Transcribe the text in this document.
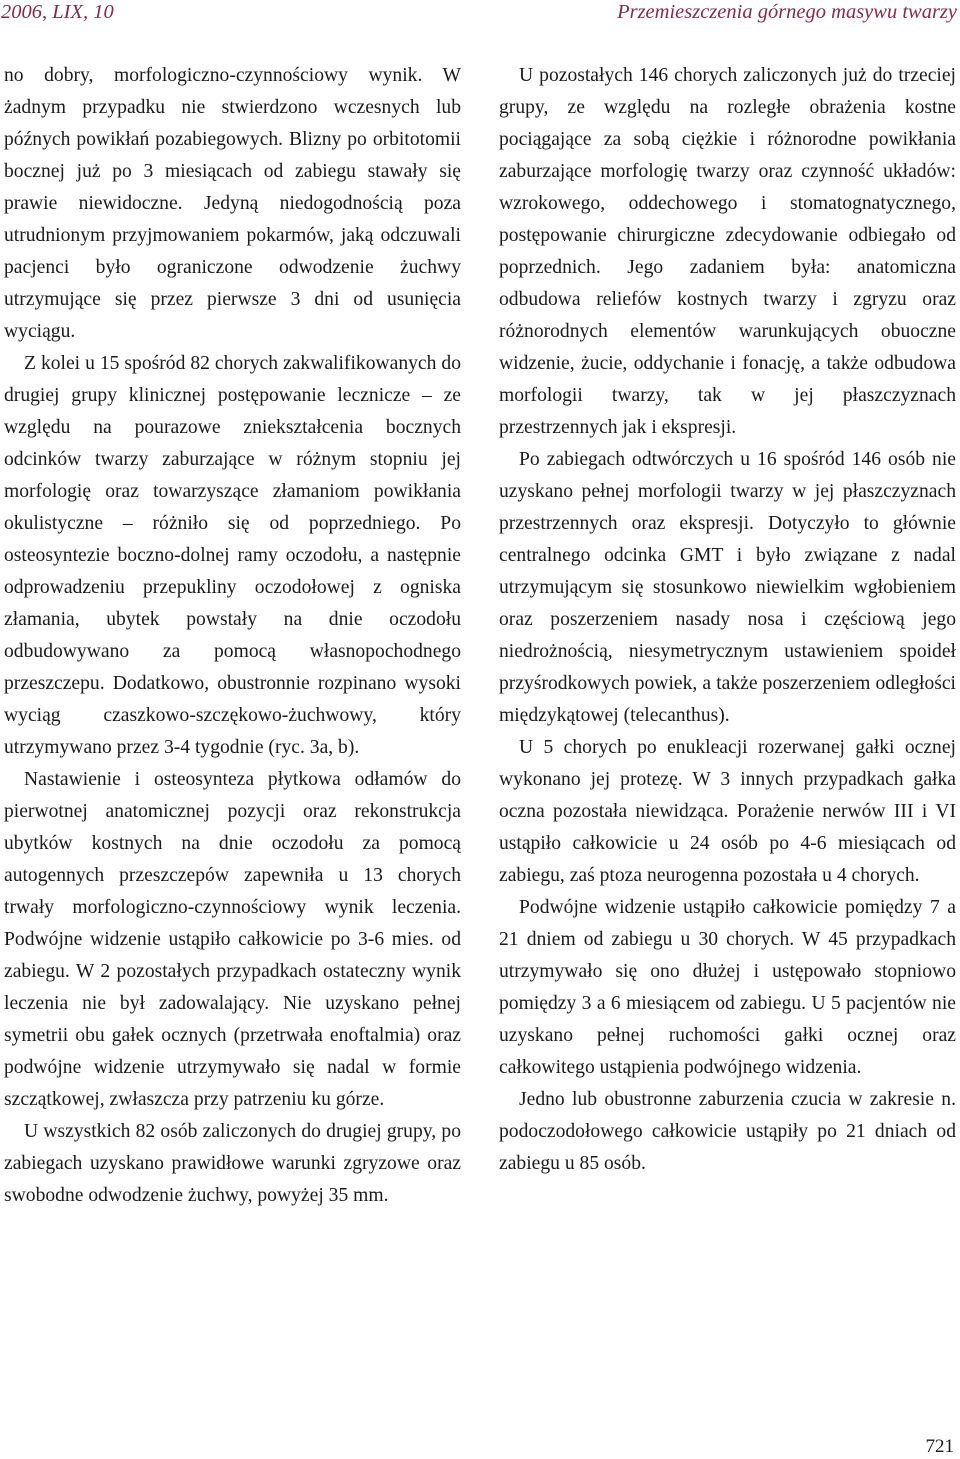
2006, LIX, 10	Przemieszczenia górnego masywu twarzy

no dobry, morfologiczno-czynnościowy wynik. W żadnym przypadku nie stwierdzono wczesnych lub późnych powikłań pozabiegowych. Blizny po orbitotomii bocznej już po 3 miesiącach od zabiegu stawały się prawie niewidoczne. Jedyną niedogodnością poza utrudnionym przyjmowaniem pokarmów, jaką odczuwali pacjenci było ograniczone odwodzenie żuchwy utrzymujące się przez pierwsze 3 dni od usunięcia wyciągu.

Z kolei u 15 spośród 82 chorych zakwalifikowanych do drugiej grupy klinicznej postępowanie lecznicze – ze względu na pourazowe zniekształcenia bocznych odcinków twarzy zaburzające w różnym stopniu jej morfologię oraz towarzyszące złamaniom powikłania okulistyczne – różniło się od poprzedniego. Po osteosyntezie boczno-dolnej ramy oczodołu, a następnie odprowadzeniu przepukliny oczodołowej z ogniska złamania, ubytek powstały na dnie oczodołu odbudowywano za pomocą własnopochodnego przeszczepu. Dodatkowo, obustronnie rozpinano wysoki wyciąg czaszkowo-szczękowo-żuchwowy, który utrzymywano przez 3-4 tygodnie (ryc. 3a, b).

Nastawienie i osteosynteza płytkowa odłamów do pierwotnej anatomicznej pozycji oraz rekonstrukcja ubytków kostnych na dnie oczodołu za pomocą autogennych przeszczepów zapewniła u 13 chorych trwały morfologiczno-czynnościowy wynik leczenia. Podwójne widzenie ustąpiło całkowicie po 3-6 mies. od zabiegu. W 2 pozostałych przypadkach ostateczny wynik leczenia nie był zadowalający. Nie uzyskano pełnej symetrii obu gałek ocznych (przetrwała enoftalmia) oraz podwójne widzenie utrzymywało się nadal w formie szczątkowej, zwłaszcza przy patrzeniu ku górze.

U wszystkich 82 osób zaliczonych do drugiej grupy, po zabiegach uzyskano prawidłowe warunki zgryzowe oraz swobodne odwodzenie żuchwy, powyżej 35 mm.

U pozostałych 146 chorych zaliczonych już do trzeciej grupy, ze względu na rozległe obrażenia kostne pociągające za sobą ciężkie i różnorodne powikłania zaburzające morfologię twarzy oraz czynność układów: wzrokowego, oddechowego i stomatognatycznego, postępowanie chirurgiczne zdecydowanie odbiegało od poprzednich. Jego zadaniem była: anatomiczna odbudowa reliefów kostnych twarzy i zgryzu oraz różnorodnych elementów warunkujących obuoczne widzenie, żucie, oddychanie i fonację, a także odbudowa morfologii twarzy, tak w jej płaszczyznach przestrzennych jak i ekspresji.

Po zabiegach odtwórczych u 16 spośród 146 osób nie uzyskano pełnej morfologii twarzy w jej płaszczyznach przestrzennych oraz ekspresji. Dotyczyło to głównie centralnego odcinka GMT i było związane z nadal utrzymującym się stosunkowo niewielkim wgłobieniem oraz poszerzeniem nasady nosa i częściową jego niedrożnością, niesymetrycznym ustawieniem spoideł przyśrodkowych powiek, a także poszerzeniem odległości międzykątowej (telecanthus).

U 5 chorych po enukleacji rozerwanej gałki ocznej wykonano jej protezę. W 3 innych przypadkach gałka oczna pozostała niewidząca. Porażenie nerwów III i VI ustąpiło całkowicie u 24 osób po 4-6 miesiącach od zabiegu, zaś ptoza neurogenna pozostała u 4 chorych.

Podwójne widzenie ustąpiło całkowicie pomiędzy 7 a 21 dniem od zabiegu u 30 chorych. W 45 przypadkach utrzymywało się ono dłużej i ustępowało stopniowo pomiędzy 3 a 6 miesiącem od zabiegu. U 5 pacjentów nie uzyskano pełnej ruchomości gałki ocznej oraz całkowitego ustąpienia podwójnego widzenia.

Jedno lub obustronne zaburzenia czucia w zakresie n. podoczodołowego całkowicie ustąpiły po 21 dniach od zabiegu u 85 osób.

721
